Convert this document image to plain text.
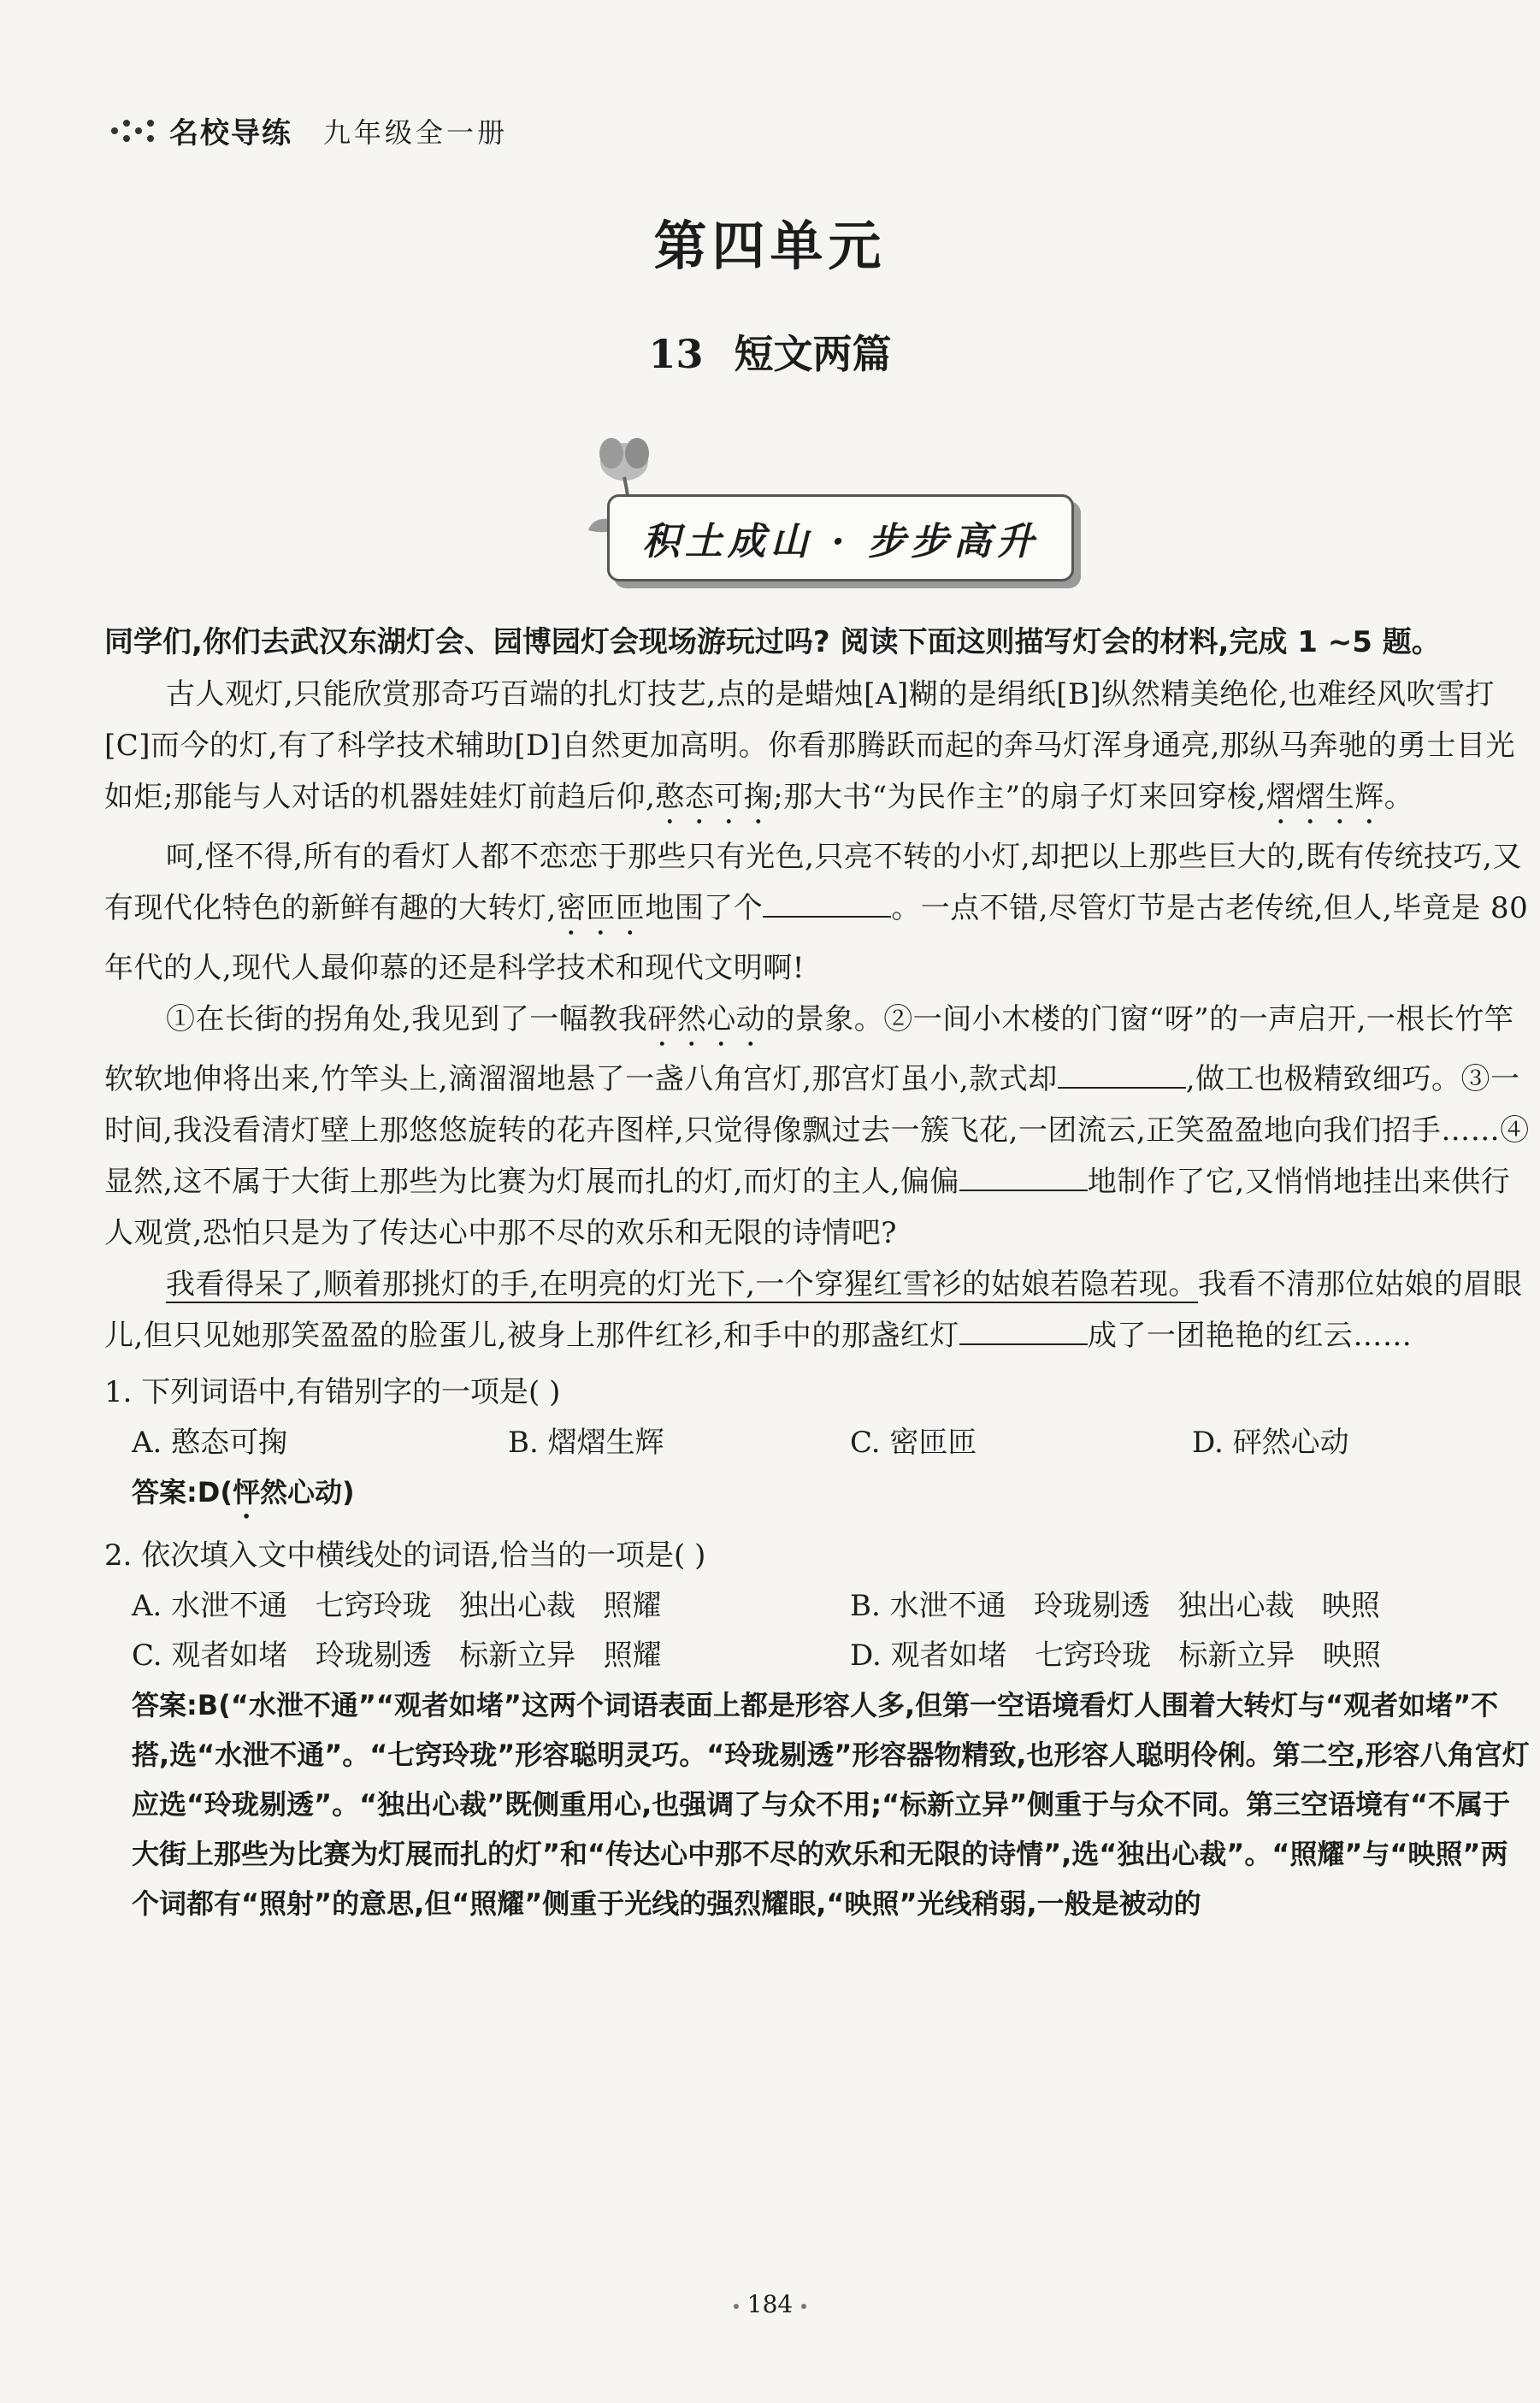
名校导练 九年级全一册
第四单元
13 短文两篇
积土成山 · 步步高升
同学们,你们去武汉东湖灯会、园博园灯会现场游玩过吗? 阅读下面这则描写灯会的材料,完成 1 ~5 题。

古人观灯,只能欣赏那奇巧百端的扎灯技艺,点的是蜡烛[A]糊的是绢纸[B]纵然精美绝伦,也难经风吹雪打[C]而今的灯,有了科学技术辅助[D]自然更加高明。你看那腾跃而起的奔马灯浑身通亮,那纵马奔驰的勇士目光如炬;那能与人对话的机器娃娃灯前趋后仰,憨态可掬;那大书“为民作主”的扇子灯来回穿梭,熠熠生辉。

呵,怪不得,所有的看灯人都不恋恋于那些只有光色,只亮不转的小灯,却把以上那些巨大的,既有传统技巧,又有现代化特色的新鲜有趣的大转灯,密匝匝地围了个	。一点不错,尽管灯节是古老传统,但人,毕竟是 80 年代的人,现代人最仰慕的还是科学技术和现代文明啊!

①在长街的拐角处,我见到了一幅教我砰然心动的景象。②一间小木楼的门窗“呀”的一声启开,一根长竹竿软软地伸将出来,竹竿头上,滴溜溜地悬了一盏八角宫灯,那宫灯虽小,款式却	,做工也极精致细巧。③一时间,我没看清灯壁上那悠悠旋转的花卉图样,只觉得像飘过去一簇飞花,一团流云,正笑盈盈地向我们招手……④显然,这不属于大街上那些为比赛为灯展而扎的灯,而灯的主人,偏偏	地制作了它,又悄悄地挂出来供行人观赏,恐怕只是为了传达心中那不尽的欢乐和无限的诗情吧?

我看得呆了,顺着那挑灯的手,在明亮的灯光下,一个穿猩红雪衫的姑娘若隐若现。我看不清那位姑娘的眉眼儿,但只见她那笑盈盈的脸蛋儿,被身上那件红衫,和手中的那盏红灯	成了一团艳艳的红云……

1. 下列词语中,有错别字的一项是( )
A. 憨态可掬	B. 熠熠生辉	C. 密匝匝	D. 砰然心动
答案:D(怦然心动)
2. 依次填入文中横线处的词语,恰当的一项是( )
A. 水泄不通   七窍玲珑   独出心裁   照耀	B. 水泄不通   玲珑剔透   独出心裁   映照
C. 观者如堵   玲珑剔透   标新立异   照耀	D. 观者如堵   七窍玲珑   标新立异   映照
答案:B(“水泄不通”“观者如堵”这两个词语表面上都是形容人多,但第一空语境看灯人围着大转灯与“观者如堵”不搭,选“水泄不通”。“七窍玲珑”形容聪明灵巧。“玲珑剔透”形容器物精致,也形容人聪明伶俐。第二空,形容八角宫灯应选“玲珑剔透”。“独出心裁”既侧重用心,也强调了与众不用;“标新立异”侧重于与众不同。第三空语境有“不属于大街上那些为比赛为灯展而扎的灯”和“传达心中那不尽的欢乐和无限的诗情”,选“独出心裁”。“照耀”与“映照”两个词都有“照射”的意思,但“照耀”侧重于光线的强烈耀眼,“映照”光线稍弱,一般是被动的
184
